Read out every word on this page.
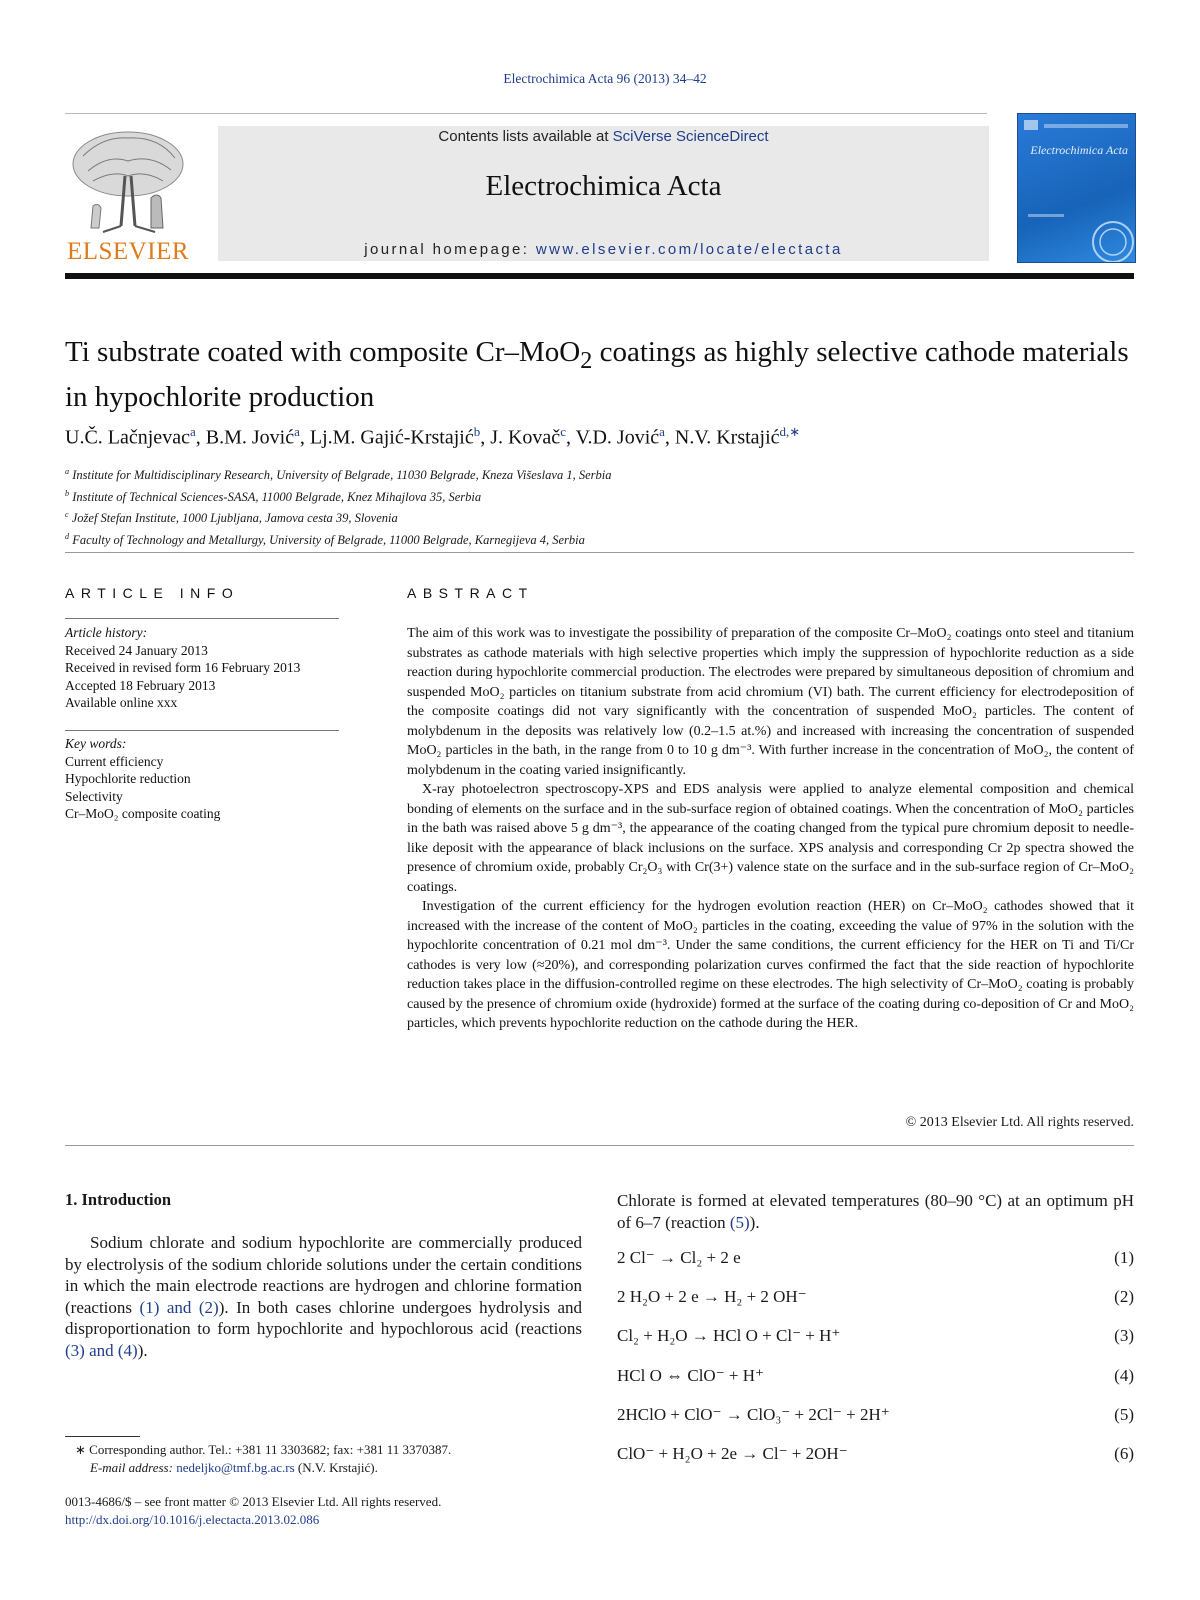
Electrochimica Acta 96 (2013) 34–42
ELSEVIER
Contents lists available at SciVerse ScienceDirect
Electrochimica Acta
journal homepage: www.elsevier.com/locate/electacta
Electrochimica Acta
Ti substrate coated with composite Cr–MoO$_2$ coatings as highly selective cathode materials in hypochlorite production
U.Č. Lačnjevac$^a$, B.M. Jović$^a$, Lj.M. Gajić-Krstajić$^b$, J. Kovač$^c$, V.D. Jović$^a$, N.V. Krstajić$^{d,∗}$
$^a$ Institute for Multidisciplinary Research, University of Belgrade, 11030 Belgrade, Kneza Višeslava 1, Serbia
$^b$ Institute of Technical Sciences-SASA, 11000 Belgrade, Knez Mihajlova 35, Serbia
$^c$ Jožef Stefan Institute, 1000 Ljubljana, Jamova cesta 39, Slovenia
$^d$ Faculty of Technology and Metallurgy, University of Belgrade, 11000 Belgrade, Karnegijeva 4, Serbia
ARTICLE INFO	ABSTRACT
Article history:
Received 24 January 2013
Received in revised form 16 February 2013
Accepted 18 February 2013
Available online xxx
Key words:
Current efficiency
Hypochlorite reduction
Selectivity
Cr–MoO₂ composite coating

The aim of this work was to investigate the possibility of preparation of the composite Cr–MoO₂ coatings onto steel and titanium substrates as cathode materials with high selective properties which imply the suppression of hypochlorite reduction as a side reaction during hypochlorite commercial production. The electrodes were prepared by simultaneous deposition of chromium and suspended MoO₂ particles on titanium substrate from acid chromium (VI) bath. The current efficiency for electrodeposition of the composite coatings did not vary significantly with the concentration of suspended MoO₂ particles. The content of molybdenum in the deposits was relatively low (0.2–1.5 at.%) and increased with increasing the concentration of suspended MoO₂ particles in the bath, in the range from 0 to 10 g dm⁻³. With further increase in the concentration of MoO₂, the content of molybdenum in the coating varied insignificantly.

X-ray photoelectron spectroscopy-XPS and EDS analysis were applied to analyze elemental composition and chemical bonding of elements on the surface and in the sub-surface region of obtained coatings. When the concentration of MoO₂ particles in the bath was raised above 5 g dm⁻³, the appearance of the coating changed from the typical pure chromium deposit to needle-like deposit with the appearance of black inclusions on the surface. XPS analysis and corresponding Cr 2p spectra showed the presence of chromium oxide, probably Cr₂O₃ with Cr(3+) valence state on the surface and in the sub-surface region of Cr–MoO₂ coatings.

Investigation of the current efficiency for the hydrogen evolution reaction (HER) on Cr–MoO₂ cathodes showed that it increased with the increase of the content of MoO₂ particles in the coating, exceeding the value of 97% in the solution with the hypochlorite concentration of 0.21 mol dm⁻³. Under the same conditions, the current efficiency for the HER on Ti and Ti/Cr cathodes is very low (≈20%), and corresponding polarization curves confirmed the fact that the side reaction of hypochlorite reduction takes place in the diffusion-controlled regime on these electrodes. The high selectivity of Cr–MoO₂ coating is probably caused by the presence of chromium oxide (hydroxide) formed at the surface of the coating during co-deposition of Cr and MoO₂ particles, which prevents hypochlorite reduction on the cathode during the HER.

© 2013 Elsevier Ltd. All rights reserved.
1. Introduction
Sodium chlorate and sodium hypochlorite are commercially produced by electrolysis of the sodium chloride solutions under the certain conditions in which the main electrode reactions are hydrogen and chlorine formation (reactions (1) and (2)). In both cases chlorine undergoes hydrolysis and disproportionation to form hypochlorite and hypochlorous acid (reactions (3) and (4)).
Chlorate is formed at elevated temperatures (80–90 °C) at an optimum pH of 6–7 (reaction (5)).
2 Cl⁻ → Cl₂ + 2 e	(1)
2 H₂O + 2 e → H₂ + 2 OH⁻	(2)
Cl₂ + H₂O → HCl O + Cl⁻ + H⁺	(3)
HCl O ⇔ ClO⁻ + H⁺	(4)
2HClO + ClO⁻ → ClO₃⁻ + 2Cl⁻ + 2H⁺	(5)
ClO⁻ + H₂O + 2e → Cl⁻ + 2OH⁻	(6)
∗ Corresponding author. Tel.: +381 11 3303682; fax: +381 11 3370387.
E-mail address: nedeljko@tmf.bg.ac.rs (N.V. Krstajić).
0013-4686/$ – see front matter © 2013 Elsevier Ltd. All rights reserved.
http://dx.doi.org/10.1016/j.electacta.2013.02.086
